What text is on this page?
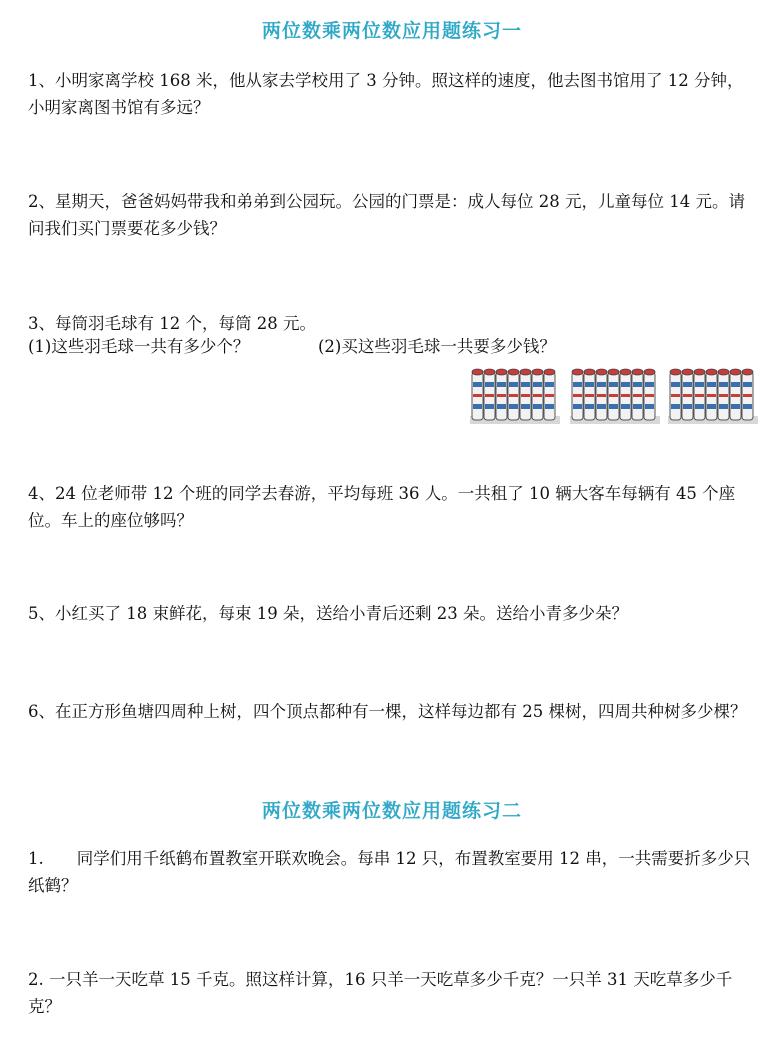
两位数乘两位数应用题练习一

1、小明家离学校 168 米，他从家去学校用了 3 分钟。照这样的速度，他去图书馆用了 12 分钟，小明家离图书馆有多远？

2、星期天，爸爸妈妈带我和弟弟到公园玩。公园的门票是：成人每位 28 元，儿童每位 14 元。请问我们买门票要花多少钱？

3、每筒羽毛球有 12 个，每筒 28 元。

(1)这些羽毛球一共有多少个？	(2)买这些羽毛球一共要多少钱？

4、24 位老师带 12 个班的同学去春游，平均每班 36 人。一共租了 10 辆大客车每辆有 45 个座位。车上的座位够吗？

5、小红买了 18 束鲜花，每束 19 朵，送给小青后还剩 23 朵。送给小青多少朵？

6、在正方形鱼塘四周种上树，四个顶点都种有一棵，这样每边都有 25 棵树，四周共种树多少棵？

两位数乘两位数应用题练习二

1.　　同学们用千纸鹤布置教室开联欢晚会。每串 12 只，布置教室要用 12 串，一共需要折多少只纸鹤？

2. 一只羊一天吃草 15 千克。照这样计算，16 只羊一天吃草多少千克？一只羊 31 天吃草多少千克？
